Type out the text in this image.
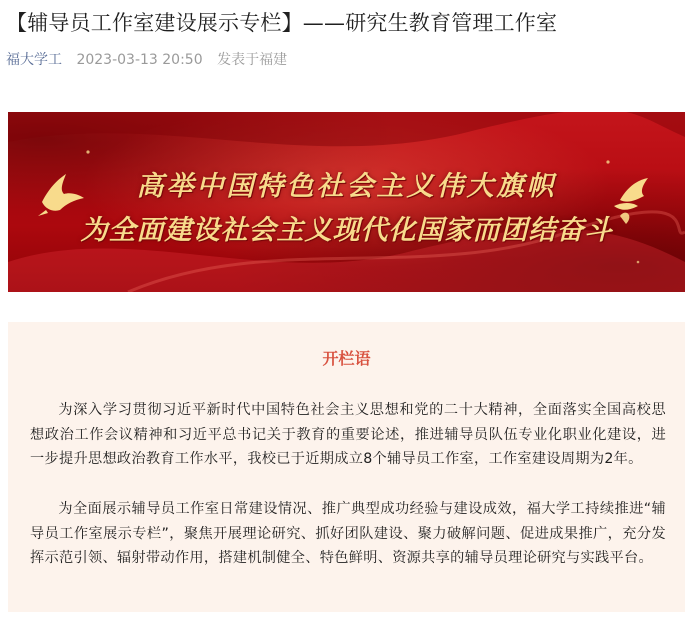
【辅导员工作室建设展示专栏】——研究生教育管理工作室
福大学工 2023-03-13 20:50 发表于福建
高举中国特色社会主义伟大旗帜
为全面建设社会主义现代化国家而团结奋斗
开栏语
为深入学习贯彻习近平新时代中国特色社会主义思想和党的二十大精神，全面落实全国高校思想政治工作会议精神和习近平总书记关于教育的重要论述，推进辅导员队伍专业化职业化建设，进一步提升思想政治教育工作水平，我校已于近期成立8个辅导员工作室，工作室建设周期为2年。
为全面展示辅导员工作室日常建设情况、推广典型成功经验与建设成效，福大学工持续推进“辅导员工作室展示专栏”，聚焦开展理论研究、抓好团队建设、聚力破解问题、促进成果推广，充分发挥示范引领、辐射带动作用，搭建机制健全、特色鲜明、资源共享的辅导员理论研究与实践平台。
